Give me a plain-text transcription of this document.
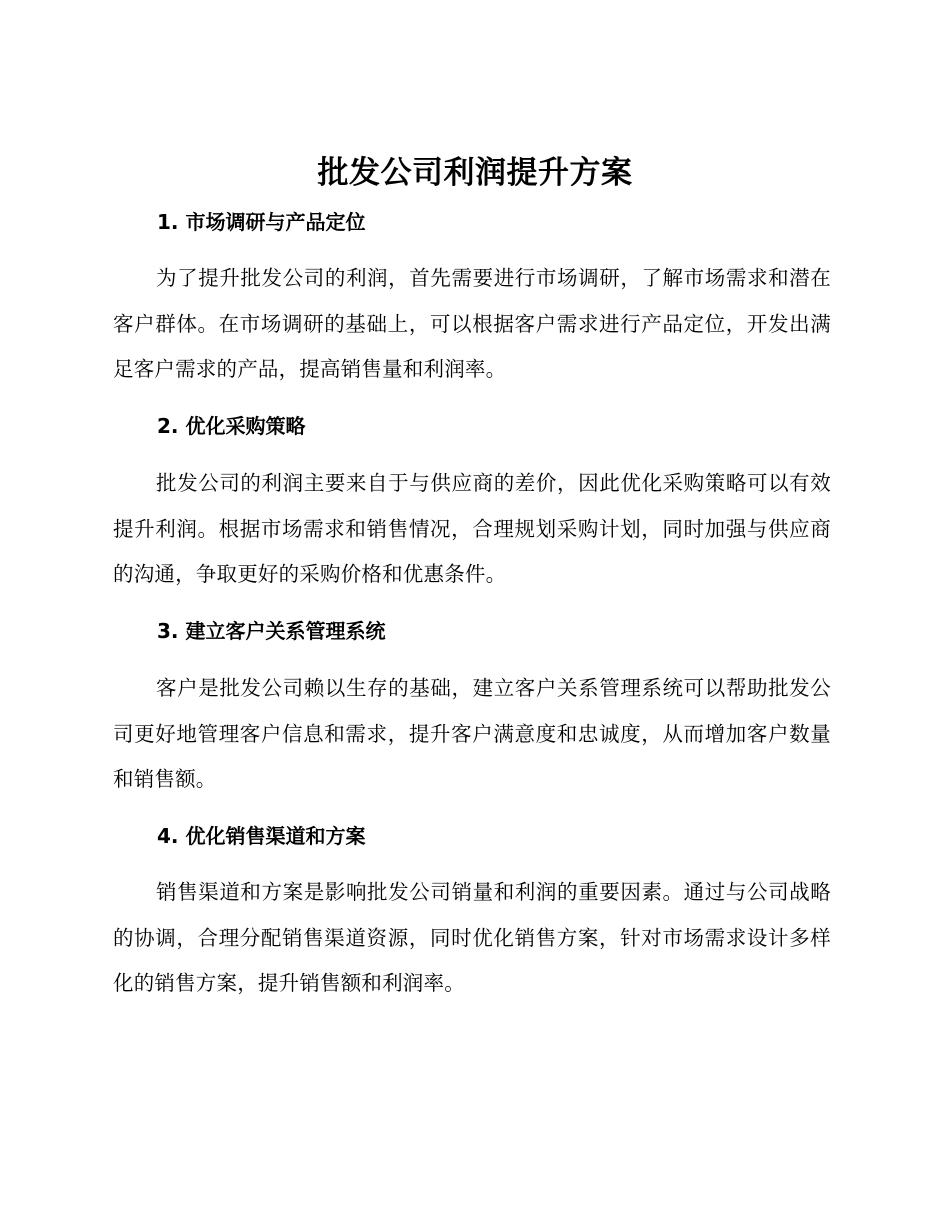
批发公司利润提升方案
1. 市场调研与产品定位

为了提升批发公司的利润，首先需要进行市场调研，了解市场需求和潜在客户群体。在市场调研的基础上，可以根据客户需求进行产品定位，开发出满足客户需求的产品，提高销售量和利润率。

2. 优化采购策略

批发公司的利润主要来自于与供应商的差价，因此优化采购策略可以有效提升利润。根据市场需求和销售情况，合理规划采购计划，同时加强与供应商的沟通，争取更好的采购价格和优惠条件。

3. 建立客户关系管理系统

客户是批发公司赖以生存的基础，建立客户关系管理系统可以帮助批发公司更好地管理客户信息和需求，提升客户满意度和忠诚度，从而增加客户数量和销售额。

4. 优化销售渠道和方案

销售渠道和方案是影响批发公司销量和利润的重要因素。通过与公司战略的协调，合理分配销售渠道资源，同时优化销售方案，针对市场需求设计多样化的销售方案，提升销售额和利润率。
